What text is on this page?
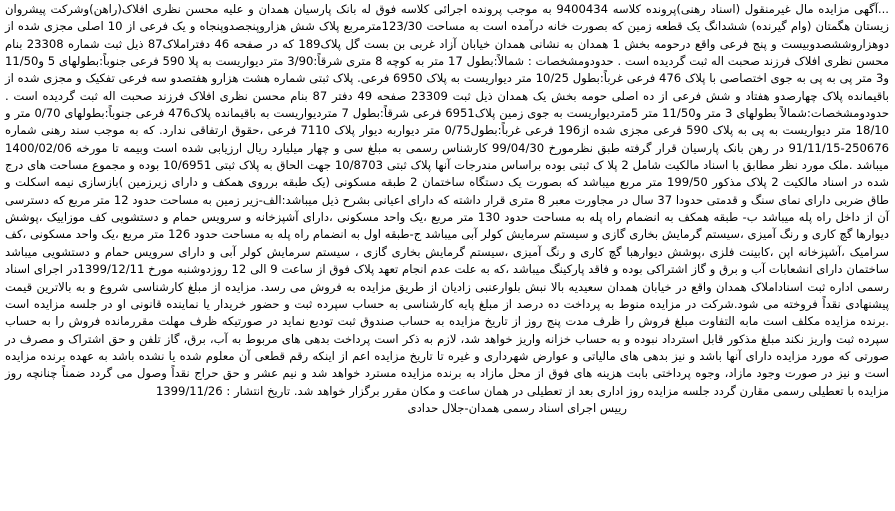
...آگهی مزایده مال غیرمنقول (اسناد رهنی)پرونده کلاسه 9400434 به موجب پرونده اجرائی کلاسه فوق له بانک پارسیان همدان و علیه محسن نظری افلاک(راهن)وشرکت پیشروان زیستان هگمتان (وام گیرنده) ششدانگ یک قطعه زمین که بصورت خانه درآمده است به مساحت 123/30مترمربع پلاک شش هزاروپنجصدوپنجاه و یک فرعی از 10 اصلی مجزی شده از دوهزاروششصدوبیست و پنج فرعی واقع درحومه بخش 1 همدان به نشانی همدان خیابان آزاد غربی بن بست گل پلاک189 که در صفحه 46 دفتراملاک87 ذیل ثبت شماره 23308 بنام محسن نظری افلاک فرزند صحبت اله ثبت گردیده است . حدودومشخصات : شمالاً:بطول 17 متر به کوچه 8 متری شرقاً:3/90 متر دیواریست به پلا 590 فرعی جنوباً:بطولهای 5 و11/50 و3 متر پی به پی به جوی اختصاصی با پلاک 476 فرعی غرباً:بطول 10/25 متر دیواریست به پلاک 6950 فرعی. پلاک ثبتی شماره هشت هزارو هفتصدو سه فرعی تفکیک و مجزی شده از باقیمانده پلاک چهارصدو هفتاد و شش فرعی از ده اصلی حومه بخش یک همدان ذیل ثبت 23309 صفحه 49 دفتر 87 بنام محسن نظری افلاک فرزند صحبت اله ثبت گردیده است . حدودومشخصات:شمالاً بطولهای 3 متر و11/50 متر 5متردیواریست به جوی زمین پلاک6951 فرعی شرقاً:بطول 7 متردیواریست به باقیمانده پلاک476 فرعی جنوباً:بطولهای 0/70 متر و 18/10 متر دیواریست به پی به پلاک 590 فرعی مجزی شده از196 فرعی غرباً:بطول0/75 متر دیواربه دیوار پلاک 7110 فرعی ،حقوق ارتفاقی ندارد. که به موجب سند رهنی شماره 250676-91/11/15 در رهن بانک پارسیان قرار گرفته طبق نظرمورخ 99/04/30 کارشناس رسمی به مبلغ سی و چهار میلیارد ریال ارزیابی شده است وبیمه تا مورخه 1400/02/06 میباشد .ملک مورد نظر مطابق با اسناد مالکیت شامل 2 پلا ک ثبتی بوده براساس مندرجات آنها پلاک ثبتی 10/8703 جهت الحاق به پلاک ثبتی 10/6951 بوده و مجموع مساحت های درج شده در اسناد مالکیت 2 پلاک مذکور 199/50 متر مربع میباشد که بصورت یک دستگاه ساختمان 2 طبقه مسکونی (یک طبقه برروی همکف و دارای زیرزمین )بازسازی نیمه اسکلت و طاق ضربی دارای نمای سنگ و قدمتی حدودا 37 سال در مجاورت معبر 8 متری قرار داشته که دارای اعیانی بشرح ذیل میباشد:الف-زیر زمین به مساحت حدود 12 متر مربع که دسترسی آن از داخل راه پله میباشد ب- طبقه همکف به انضمام راه پله به مساحت حدود 130 متر مربع ،یک واحد مسکونی ،دارای آشپزخانه و سرویس حمام و دستشویی کف موزاییک ،پوشش دیوارها گچ کاری و رنگ آمیزی ،سیستم گرمایش بخاری گازی و سیستم سرمایش کولر آبی میباشد ج-طبقه اول به انضمام راه پله به مساحت حدود 126 متر مربع ،یک واحد مسکونی ،کف سرامیک ،آشپزخانه اپن ،کابینت فلزی ،پوشش دیوارهبا گچ کاری و رنگ آمیزی ،سیستم گرمایش بخاری گازی ، سیستم سرمایش کولر آبی و دارای سرویس حمام و دستشویی میباشد ساختمان دارای انشعابات آب و برق و گاز اشتراکی بوده و فاقد پارکینگ میباشد ،که به علت عدم انجام تعهد پلاک فوق از ساعت 9 الی 12 روزدوشنبه مورخ 1399/12/11در اجرای اسناد رسمی اداره ثبت اسناداملاک همدان واقع در خیابان همدان سعیدیه بالا نبش بلوارعنبی زادیان از طریق مزایده به فروش می رسد. مزایده از مبلغ کارشناسی شروع و به بالاترین قیمت پیشنهادی نقداً فروخته می شود.شرکت در مزایده منوط به پرداخت ده درصد از مبلغ پایه کارشناسی به حساب سپرده ثبت و حضور خریدار یا نماینده قانونی او در جلسه مزایده است .برنده مزایده مکلف است مابه التفاوت مبلغ فروش را ظرف مدت پنج روز از تاریخ مزایده به حساب صندوق ثبت تودیع نماید در صورتیکه ظرف مهلت مقررمانده فروش را به حساب سپرده ثبت واریز نکند مبلغ مذکور قابل استرداد نبوده و به حساب خزانه واریز خواهد شد، لازم به ذکر است پرداخت بدهی های مربوط به آب، برق، گاز تلفن و حق اشتراک و مصرف در صورتی که مورد مزایده دارای آنها باشد و نیز بدهی های مالیاتی و عوارض شهرداری و غیره تا تاریخ مزایده اعم از اینکه رقم قطعی آن معلوم شده یا نشده باشد به عهده برنده مزایده است و نیز در صورت وجود مازاد، وجوه پرداختی بابت هزینه های فوق از محل مازاد به برنده مزایده مسترد خواهد شد و نیم عشر و حق حراج نقداً وصول می گردد ضمناً چنانچه روز مزایده با تعطیلی رسمی مقارن گردد جلسه مزایده روز اداری بعد از تعطیلی در همان ساعت و مکان مقرر برگزار خواهد شد. تاریخ انتشار : 1399/11/26

رییس اجرای اسناد رسمی همدان-جلال حدادی
